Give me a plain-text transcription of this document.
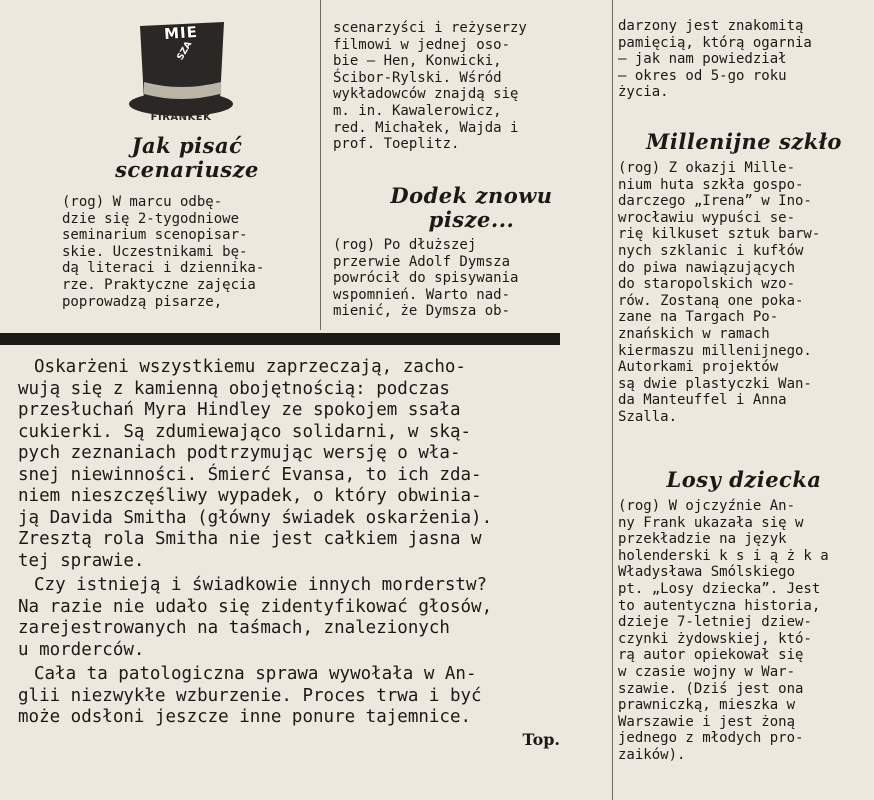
MIE
SZA
FIRANKEK
Jak pisać
scenariusze
(rog) W marcu odbę-
dzie się 2-tygodniowe
seminarium scenopisar-
skie. Uczestnikami bę-
dą literaci i dziennika-
rze. Praktyczne zajęcia
poprowadzą pisarze,
scenarzyści i reżyserzy
filmowi w jednej oso-
bie — Hen, Konwicki,
Ścibor-Rylski. Wśród
wykładowców znajdą się
m. in. Kawalerowicz,
red. Michałek, Wajda i
prof. Toeplitz.
Dodek znowu
pisze...
(rog) Po dłuższej
przerwie Adolf Dymsza
powrócił do spisywania
wspomnień. Warto nad-
mienić, że Dymsza ob-
darzony jest znakomitą
pamięcią, którą ogarnia
— jak nam powiedział
— okres od 5-go roku
życia.
Millenijne szkło
(rog) Z okazji Mille-
nium huta szkła gospo-
darczego „Irena” w Ino-
wrocławiu wypuści se-
rię kilkuset sztuk barw-
nych szklanic i kufłów
do piwa nawiązujących
do staropolskich wzo-
rów. Zostaną one poka-
zane na Targach Po-
znańskich w ramach
kiermaszu millenijnego.
Autorkami projektów
są dwie plastyczki Wan-
da Manteuffel i Anna
Szalla.
Losy dziecka
(rog) W ojczyźnie An-
ny Frank ukazała się w
przekładzie na język
holenderski k s i ą ż k a
Władysława Smólskiego
pt. „Losy dziecka”. Jest
to autentyczna historia,
dzieje 7-letniej dziew-
czynki żydowskiej, któ-
rą autor opiekował się
w czasie wojny w War-
szawie. (Dziś jest ona
prawniczką, mieszka w
Warszawie i jest żoną
jednego z młodych pro-
zaików).
Oskarżeni wszystkiemu zaprzeczają, zacho-
wują się z kamienną obojętnością: podczas
przesłuchań Myra Hindley ze spokojem ssała
cukierki. Są zdumiewająco solidarni, w ską-
pych zeznaniach podtrzymując wersję o wła-
snej niewinności. Śmierć Evansa, to ich zda-
niem nieszczęśliwy wypadek, o który obwinia-
ją Davida Smitha (główny świadek oskarżenia).
Zresztą rola Smitha nie jest całkiem jasna w
tej sprawie.
Czy istnieją i świadkowie innych morderstw?
Na razie nie udało się zidentyfikować głosów,
zarejestrowanych na taśmach, znalezionych
u morderców.
Cała ta patologiczna sprawa wywołała w An-
glii niezwykłe wzburzenie. Proces trwa i być
może odsłoni jeszcze inne ponure tajemnice.
Top.
